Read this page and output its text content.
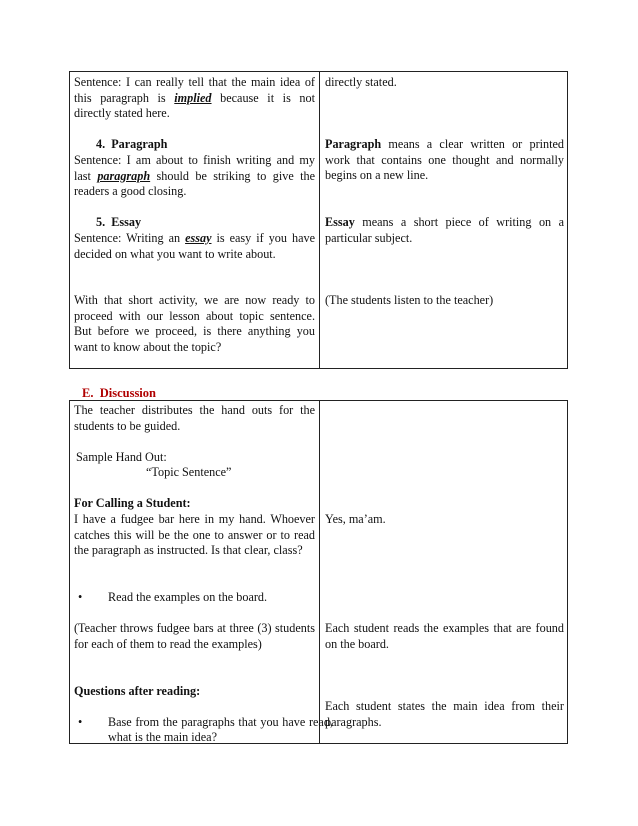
Sentence: I can really tell that the main idea of this paragraph is implied because it is not directly stated here.
4.  Paragraph
Sentence: I am about to finish writing and my last paragraph should be striking to give the readers a good closing.
5.  Essay
Sentence: Writing an essay is easy if you have decided on what you want to write about.
With that short activity, we are now ready to proceed with our lesson about topic sentence. But before we proceed, is there anything you want to know about the topic?
directly stated.
Paragraph means a clear written or printed work that contains one thought and normally begins on a new line.
Essay means a short piece of writing on a particular subject.
(The students listen to the teacher)
E.  Discussion
The teacher distributes the hand outs for the students to be guided.
Sample Hand Out:
“Topic Sentence”
For Calling a Student:
I have a fudgee bar here in my hand. Whoever catches this will be the one to answer or to read the paragraph as instructed. Is that clear, class?
• Read the examples on the board.
(Teacher throws fudgee bars at three (3) students for each of them to read the examples)
Questions after reading:
•	Base from the paragraphs that you have read, what is the main idea?
Yes, ma’am.
Each student reads the examples that are found on the board.
Each student states the main idea from their paragraphs.
